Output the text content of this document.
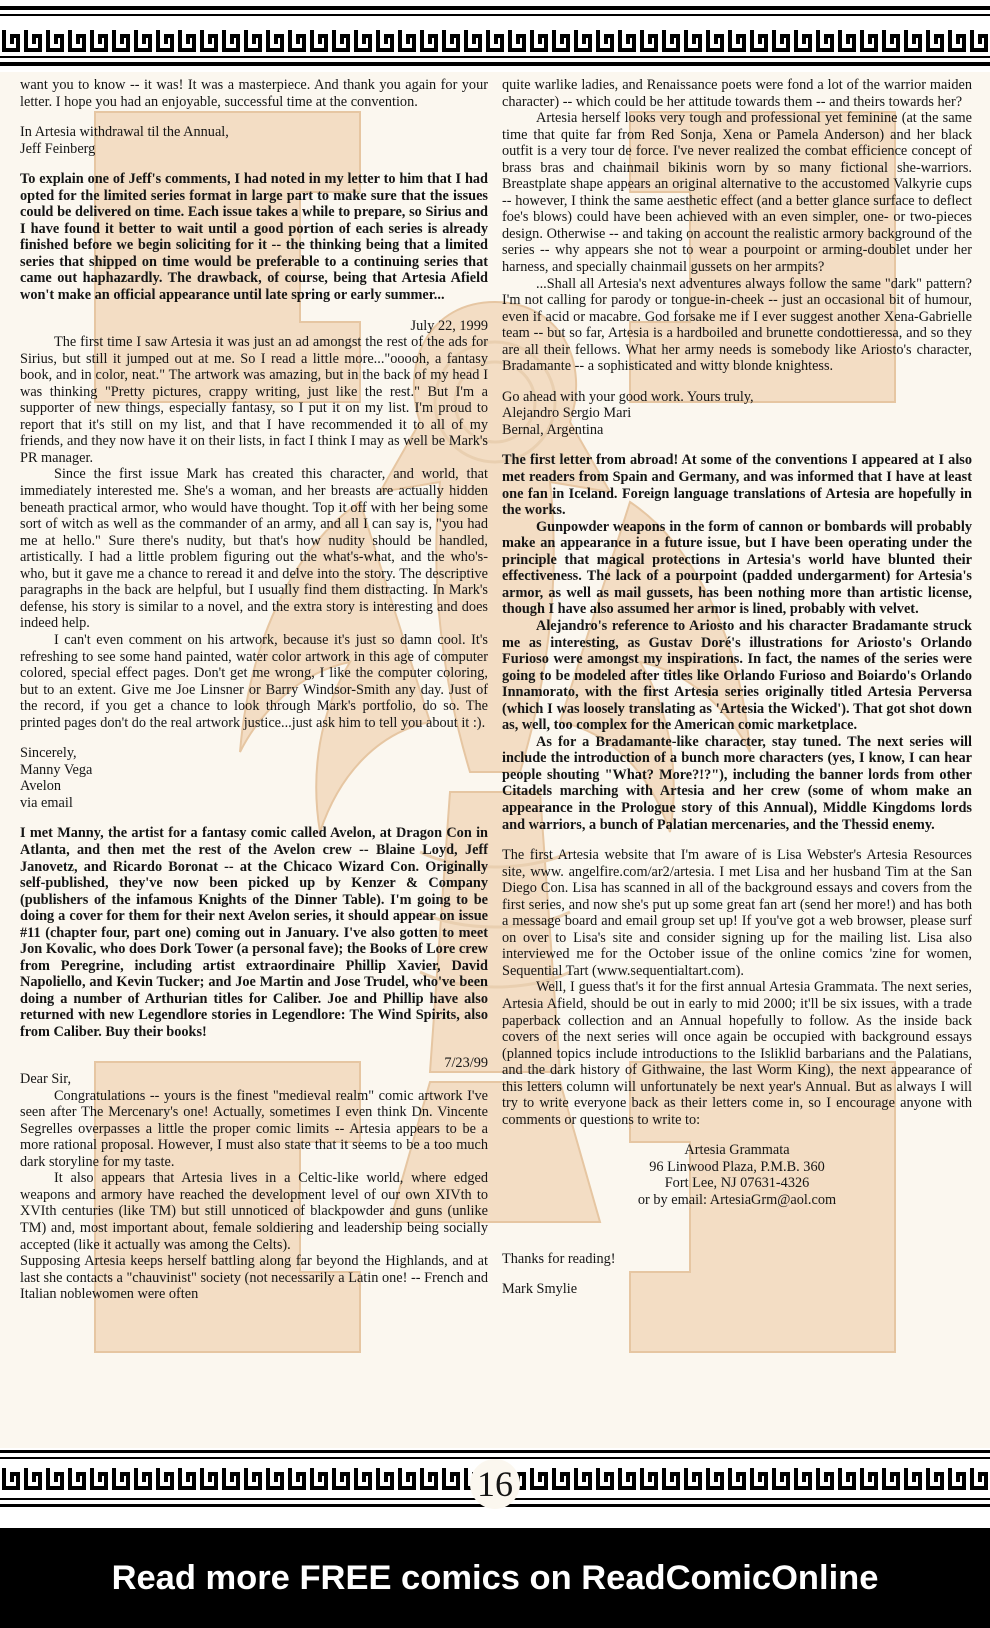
want you to know -- it was! It was a masterpiece. And thank you again for your letter. I hope you had an enjoyable, successful time at the convention.

In Artesia withdrawal til the Annual,

Jeff Feinberg

To explain one of Jeff's comments, I had noted in my letter to him that I had opted for the limited series format in large part to make sure that the issues could be delivered on time. Each issue takes a while to prepare, so Sirius and I have found it better to wait until a good portion of each series is already finished before we begin soliciting for it -- the thinking being that a limited series that shipped on time would be preferable to a continuing series that came out haphazardly. The drawback, of course, being that Artesia Afield won't make an official appearance until late spring or early summer...

July 22, 1999

The first time I saw Artesia it was just an ad amongst the rest of the ads for Sirius, but still it jumped out at me. So I read a little more..."ooooh, a fantasy book, and in color, neat." The artwork was amazing, but in the back of my head I was thinking "Pretty pictures, crappy writing, just like the rest." But I'm a supporter of new things, especially fantasy, so I put it on my list. I'm proud to report that it's still on my list, and that I have recommended it to all of my friends, and they now have it on their lists, in fact I think I may as well be Mark's PR manager.

Since the first issue Mark has created this character, and world, that immediately interested me. She's a woman, and her breasts are actually hidden beneath practical armor, who would have thought. Top it off with her being some sort of witch as well as the commander of an army, and all I can say is, "you had me at hello." Sure there's nudity, but that's how nudity should be handled, artistically. I had a little problem figuring out the what's-what, and the who's-who, but it gave me a chance to reread it and delve into the story. The descriptive paragraphs in the back are helpful, but I usually find them distracting. In Mark's defense, his story is similar to a novel, and the extra story is interesting and does indeed help.

I can't even comment on his artwork, because it's just so damn cool. It's refreshing to see some hand painted, water color artwork in this age of computer colored, special effect pages. Don't get me wrong, I like the computer coloring, but to an extent. Give me Joe Linsner or Barry Windsor-Smith any day. Just of the record, if you get a chance to look through Mark's portfolio, do so. The printed pages don't do the real artwork justice...just ask him to tell you about it :).

Sincerely,

Manny Vega

Avelon

via email

I met Manny, the artist for a fantasy comic called Avelon, at Dragon Con in Atlanta, and then met the rest of the Avelon crew -- Blaine Loyd, Jeff Janovetz, and Ricardo Boronat -- at the Chicaco Wizard Con. Originally self-published, they've now been picked up by Kenzer & Company (publishers of the infamous Knights of the Dinner Table). I'm going to be doing a cover for them for their next Avelon series, it should appear on issue #11 (chapter four, part one) coming out in January. I've also gotten to meet Jon Kovalic, who does Dork Tower (a personal fave); the Books of Lore crew from Peregrine, including artist extraordinaire Phillip Xavier, David Napoliello, and Kevin Tucker; and Joe Martin and Jose Trudel, who've been doing a number of Arthurian titles for Caliber. Joe and Phillip have also returned with new Legendlore stories in Legendlore: The Wind Spirits, also from Caliber. Buy their books!

7/23/99

Dear Sir,

Congratulations -- yours is the finest "medieval realm" comic artwork I've seen after The Mercenary's one! Actually, sometimes I even think Dn. Vincente Segrelles overpasses a little the proper comic limits -- Artesia appears to be a more rational proposal. However, I must also state that it seems to be a too much dark storyline for my taste.

It also appears that Artesia lives in a Celtic-like world, where edged weapons and armory have reached the development level of our own XIVth to XVIth centuries (like TM) but still unnoticed of blackpowder and guns (unlike TM) and, most important about, female soldiering and leadership being socially accepted (like it actually was among the Celts).

Supposing Artesia keeps herself battling along far beyond the Highlands, and at last she contacts a "chauvinist" society (not necessarily a Latin one! -- French and Italian noblewomen were often

quite warlike ladies, and Renaissance poets were fond a lot of the warrior maiden character) -- which could be her attitude towards them -- and theirs towards her?

Artesia herself looks very tough and professional yet feminine (at the same time that quite far from Red Sonja, Xena or Pamela Anderson) and her black outfit is a very tour de force. I've never realized the combat efficience concept of brass bras and chainmail bikinis worn by so many fictional she-warriors. Breastplate shape appears an original alternative to the accustomed Valkyrie cups -- however, I think the same aesthetic effect (and a better glance surface to deflect foe's blows) could have been achieved with an even simpler, one- or two-pieces design. Otherwise -- and taking on account the realistic armory background of the series -- why appears she not to wear a pourpoint or arming-doublet under her harness, and specially chainmail gussets on her armpits?

...Shall all Artesia's next adventures always follow the same "dark" pattern? I'm not calling for parody or tongue-in-cheek -- just an occasional bit of humour, even if acid or macabre. God forsake me if I ever suggest another Xena-Gabrielle team -- but so far, Artesia is a hardboiled and brunette condottieressa, and so they are all their fellows. What her army needs is somebody like Ariosto's character, Bradamante -- a sophisticated and witty blonde knightess.

Go ahead with your good work. Yours truly,

Alejandro Sergio Mari

Bernal, Argentina

The first letter from abroad! At some of the conventions I appeared at I also met readers from Spain and Germany, and was informed that I have at least one fan in Iceland. Foreign language translations of Artesia are hopefully in the works.

Gunpowder weapons in the form of cannon or bombards will probably make an appearance in a future issue, but I have been operating under the principle that magical protections in Artesia's world have blunted their effectiveness. The lack of a pourpoint (padded undergarment) for Artesia's armor, as well as mail gussets, has been nothing more than artistic license, though I have also assumed her armor is lined, probably with velvet.

Alejandro's reference to Ariosto and his character Bradamante struck me as interesting, as Gustav Doré's illustrations for Ariosto's Orlando Furioso were amongst my inspirations. In fact, the names of the series were going to be modeled after titles like Orlando Furioso and Boiardo's Orlando Innamorato, with the first Artesia series originally titled Artesia Perversa (which I was loosely translating as 'Artesia the Wicked'). That got shot down as, well, too complex for the American comic marketplace.

As for a Bradamante-like character, stay tuned. The next series will include the introduction of a bunch more characters (yes, I know, I can hear people shouting "What? More?!?"), including the banner lords from other Citadels marching with Artesia and her crew (some of whom make an appearance in the Prologue story of this Annual), Middle Kingdoms lords and warriors, a bunch of Palatian mercenaries, and the Thessid enemy.

The first Artesia website that I'm aware of is Lisa Webster's Artesia Resources site, www. angelfire.com/ar2/artesia. I met Lisa and her husband Tim at the San Diego Con. Lisa has scanned in all of the background essays and covers from the first series, and now she's put up some great fan art (send her more!) and has both a message board and email group set up! If you've got a web browser, please surf on over to Lisa's site and consider signing up for the mailing list. Lisa also interviewed me for the October issue of the online comics 'zine for women, Sequential Tart (www.sequentialtart.com).

Well, I guess that's it for the first annual Artesia Grammata. The next series, Artesia Afield, should be out in early to mid 2000; it'll be six issues, with a trade paperback collection and an Annual hopefully to follow. As the inside back covers of the next series will once again be occupied with background essays (planned topics include introductions to the Isliklid barbarians and the Palatians, and the dark history of Githwaine, the last Worm King), the next appearance of this letters column will unfortunately be next year's Annual. But as always I will try to write everyone back as their letters come in, so I encourage anyone with comments or questions to write to:

Artesia Grammata

96 Linwood Plaza, P.M.B. 360

Fort Lee, NJ 07631-4326

or by email: ArtesiaGrm@aol.com

Thanks for reading!

Mark Smylie

16
Read more FREE comics on ReadComicOnline
